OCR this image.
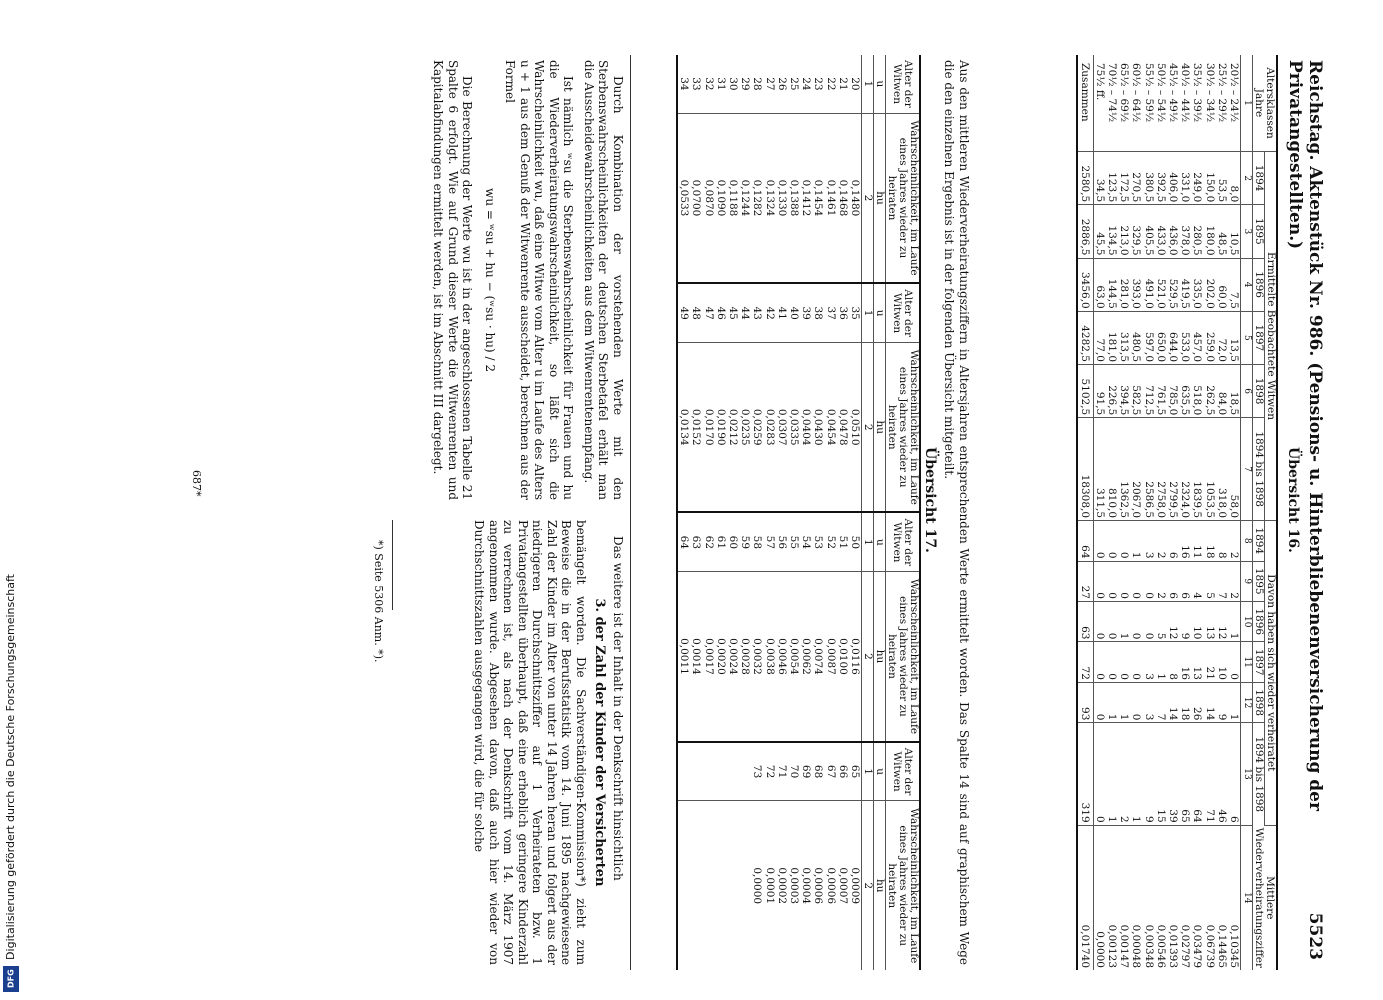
Reichstag. Aktenstück Nr. 986. (Pensions- u. Hinterbliebenenversicherung der Privatangestellten.)
5523
Übersicht 16.
Altersklassen Jahre	Ermittelte Beobachtete Witwen						Davon haben sich wieder verheiratet						Mittlere Wiederverheiratungsziffer
	1894	1895	1896	1897	1898	1894 bis 1898	1894	1895	1896	1897	1898	1894 bis 1898	
1	2	3	4	5	6	7	8	9	10	11	12	13	14
20½ – 24½	8,0	10,5	7,5	13,5	18,5	58,0	2	2	1	0	1	6	0,10345
25½ – 29½	53,5	48,5	60,0	72,0	84,0	318,0	8	7	12	10	9	46	0,14465
30½ – 34½	150,0	180,0	202,0	259,0	262,5	1053,5	18	5	13	21	14	71	0,06739
35½ – 39½	249,0	280,5	335,0	457,0	518,0	1839,5	11	4	10	13	26	64	0,03479
40½ – 44½	331,0	378,0	419,5	533,0	635,5	2324,0	16	6	9	16	18	65	0,02797
45½ – 49½	406,0	436,0	529,5	644,0	785,0	2799,5	6	6	12	8	14	39	0,01393
50½ – 54½	392,5	433,0	521,0	650,0	761,5	2758,0	2	2	5	1	7	15	0,00546
55½ – 59½	380,5	405,5	491,0	597,0	712,5	2586,5	3	0	0	3	3	9	0,00348
60½ – 64½	270,5	329,5	393,0	480,5	582,5	2067,0	1	0	0	0	0	1	0,00048
65½ – 69½	172,5	213,0	281,0	313,5	394,5	1362,5	0	0	1	0	1	2	0,00147
70½ – 74½	123,5	134,5	144,5	181,0	226,5	810,0	0	0	0	0	1	1	0,00123
75½ ff.	34,5	45,5	63,0	77,0	91,5	311,5	0	0	0	0	0	0	0,0000
Zusammen	2580,5	2886,5	3456,0	4282,5	5102,5	18308,0	64	27	63	72	93	319	0,01740
Aus den mittleren Wiederverheiratungsziffern in Altersjahren entsprechenden Werte ermittelt worden. Das Spalte 14 sind auf graphischem Wege die den einzelnen Ergebnis ist in der folgenden Übersicht mitgeteilt.
Übersicht 17.
Alter der Witwen	Wahrscheinlichkeit, im Laufe eines Jahres wieder zu heiraten	Alter der Witwen	Wahrscheinlichkeit, im Laufe eines Jahres wieder zu heiraten	Alter der Witwen	Wahrscheinlichkeit, im Laufe eines Jahres wieder zu heiraten	Alter der Witwen	Wahrscheinlichkeit, im Laufe eines Jahres wieder zu heiraten
u	hu	u	hu	u	hu	u	hu
1	2	1	2	1	2	1	2
20	0,1480	35	0,0510	50	0,0116	65	0,0009
21	0,1468	36	0,0478	51	0,0100	66	0,0007
22	0,1461	37	0,0454	52	0,0087	67	0,0006
23	0,1454	38	0,0430	53	0,0074	68	0,0006
24	0,1412	39	0,0404	54	0,0062	69	0,0004
25	0,1388	40	0,0335	55	0,0054	70	0,0003
26	0,1330	41	0,0307	56	0,0046	71	0,0002
27	0,1324	42	0,0283	57	0,0038	72	0,0001
28	0,1282	43	0,0259	58	0,0032	73	0,0000
29	0,1244	44	0,0235	59	0,0028		
30	0,1188	45	0,0212	60	0,0024		
31	0,1090	46	0,0190	61	0,0020		
32	0,0870	47	0,0170	62	0,0017		
33	0,0700	48	0,0152	63	0,0014		
34	0,0533	49	0,0134	64	0,0011		

Durch Kombination der vorstehenden Werte mit den Sterbenswahrscheinlichkeiten der deutschen Sterbetafel erhält man die Ausscheidewahrscheinlichkeiten aus dem Witwenrentenempfang.

Ist nämlich ʷsu die Sterbenswahrscheinlichkeit für Frauen und hu die Wiederverheiratungswahrscheinlichkeit, so läßt sich die Wahrscheinlichkeit wu, daß eine Witwe vom Alter u im Laufe des Alters u + 1 aus dem Genuß der Witwenrente ausscheidet, berechnen aus der Formel

wu = ʷsu + hu − (ʷsu · hu) / 2

Die Berechnung der Werte wu ist in der angeschlossenen Tabelle 21 Spalte 6 erfolgt. Wie auf Grund dieser Werte die Witwenrenten und Kapitalabfindungen ermittelt werden, ist im Abschnitt III dargelegt.

Das weitere ist der Inhalt in der Denkschrift hinsichtlich

3. der Zahl der Kinder der Versicherten

bemängelt worden. Die Sachverständigen-Kommission*) zieht zum Beweise die in der Berufsstatistik vom 14. Juni 1895 nachgewiesene Zahl der Kinder im Alter von unter 14 Jahren heran und folgert aus der niedrigeren Durchschnittsziffer auf 1 Verheirateten bzw. 1 Privatangestellten überhaupt, daß eine erheblich geringere Kinderzahl zu verrechnen ist, als nach der Denkschrift vom 14. März 1907 angenommen wurde. Abgesehen davon, daß auch hier wieder von Durchschnittszahlen ausgegangen wird, die für solche

*) Seite 5306 Anm. *).
687*
Digitalisierung gefördert durch die Deutsche Forschungsgemeinschaft
DFG
